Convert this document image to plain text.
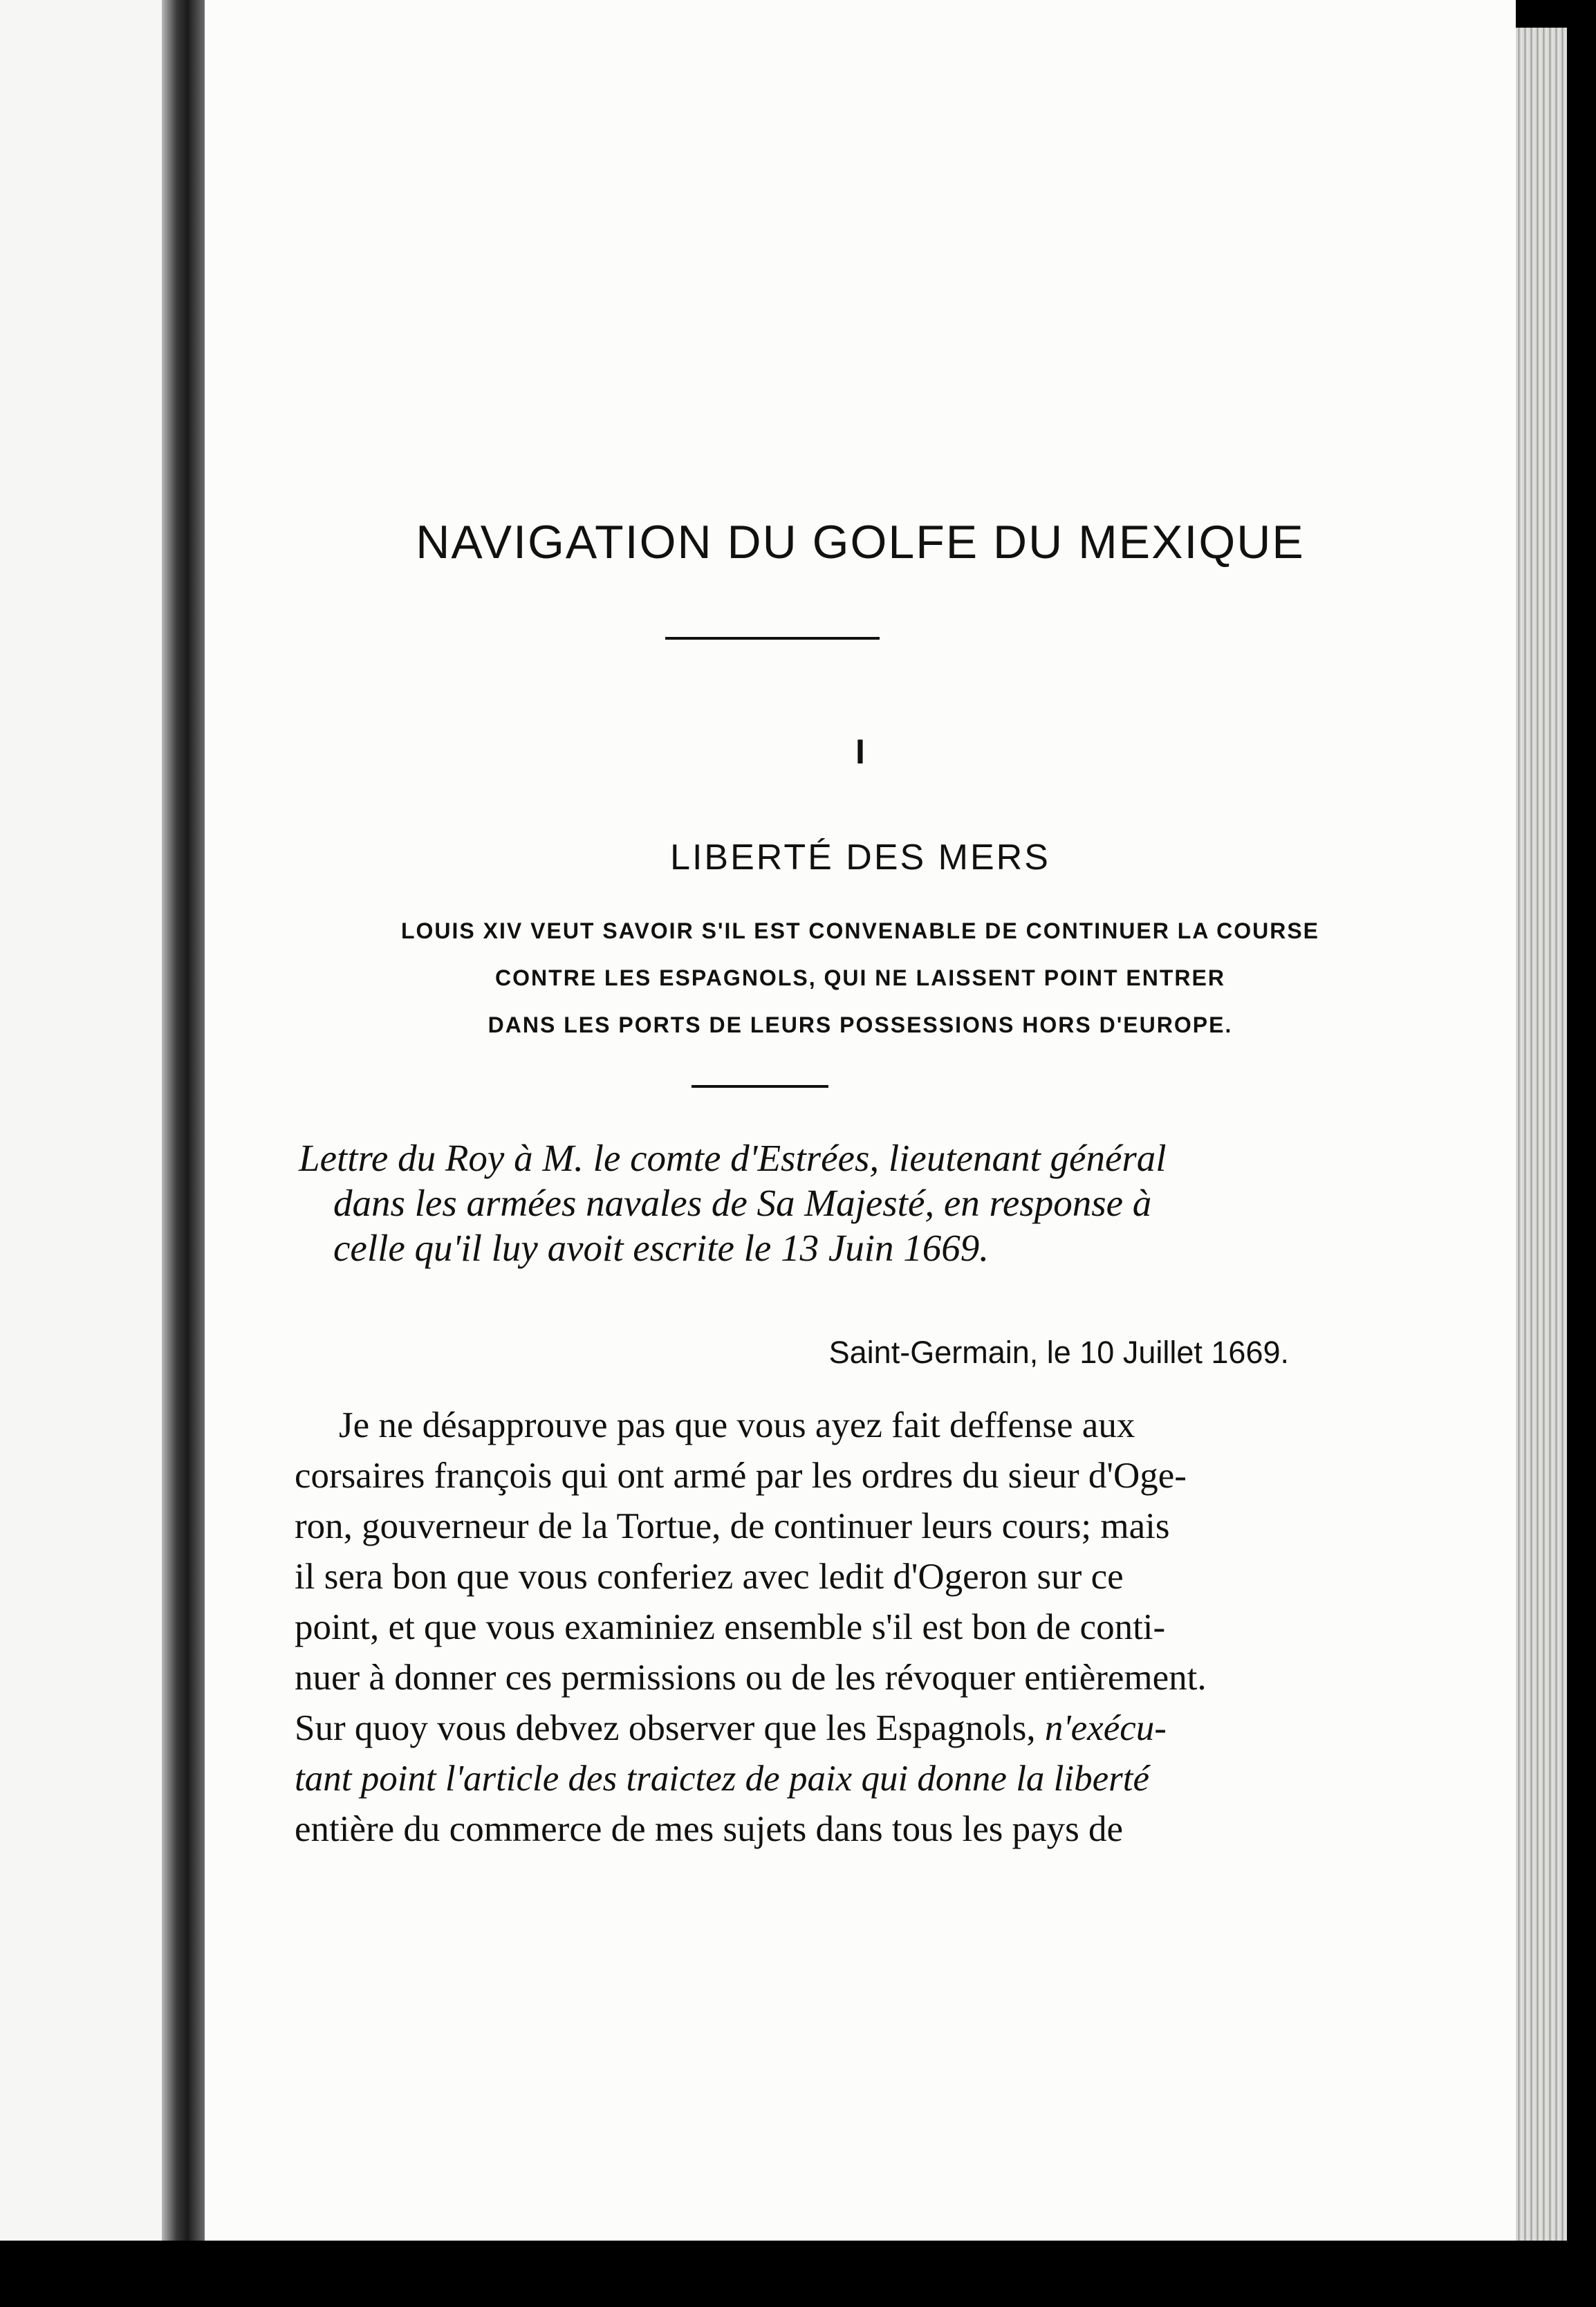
NAVIGATION DU GOLFE DU MEXIQUE
I
LIBERTÉ DES MERS

LOUIS XIV VEUT SAVOIR S'IL EST CONVENABLE DE CONTINUER LA COURSE
CONTRE LES ESPAGNOLS, QUI NE LAISSENT POINT ENTRER
DANS LES PORTS DE LEURS POSSESSIONS HORS D'EUROPE.

Lettre du Roy à M. le comte d'Estrées, lieutenant général
dans les armées navales de Sa Majesté, en response à
celle qu'il luy avoit escrite le 13 Juin 1669.

Saint-Germain, le 10 Juillet 1669.

Je ne désapprouve pas que vous ayez fait deffense aux
corsaires françois qui ont armé par les ordres du sieur d'Oge-
ron, gouverneur de la Tortue, de continuer leurs cours; mais
il sera bon que vous conferiez avec ledit d'Ogeron sur ce
point, et que vous examiniez ensemble s'il est bon de conti-
nuer à donner ces permissions ou de les révoquer entièrement.
Sur quoy vous debvez observer que les Espagnols, n'exécu-
tant point l'article des traictez de paix qui donne la liberté
entière du commerce de mes sujets dans tous les pays de
